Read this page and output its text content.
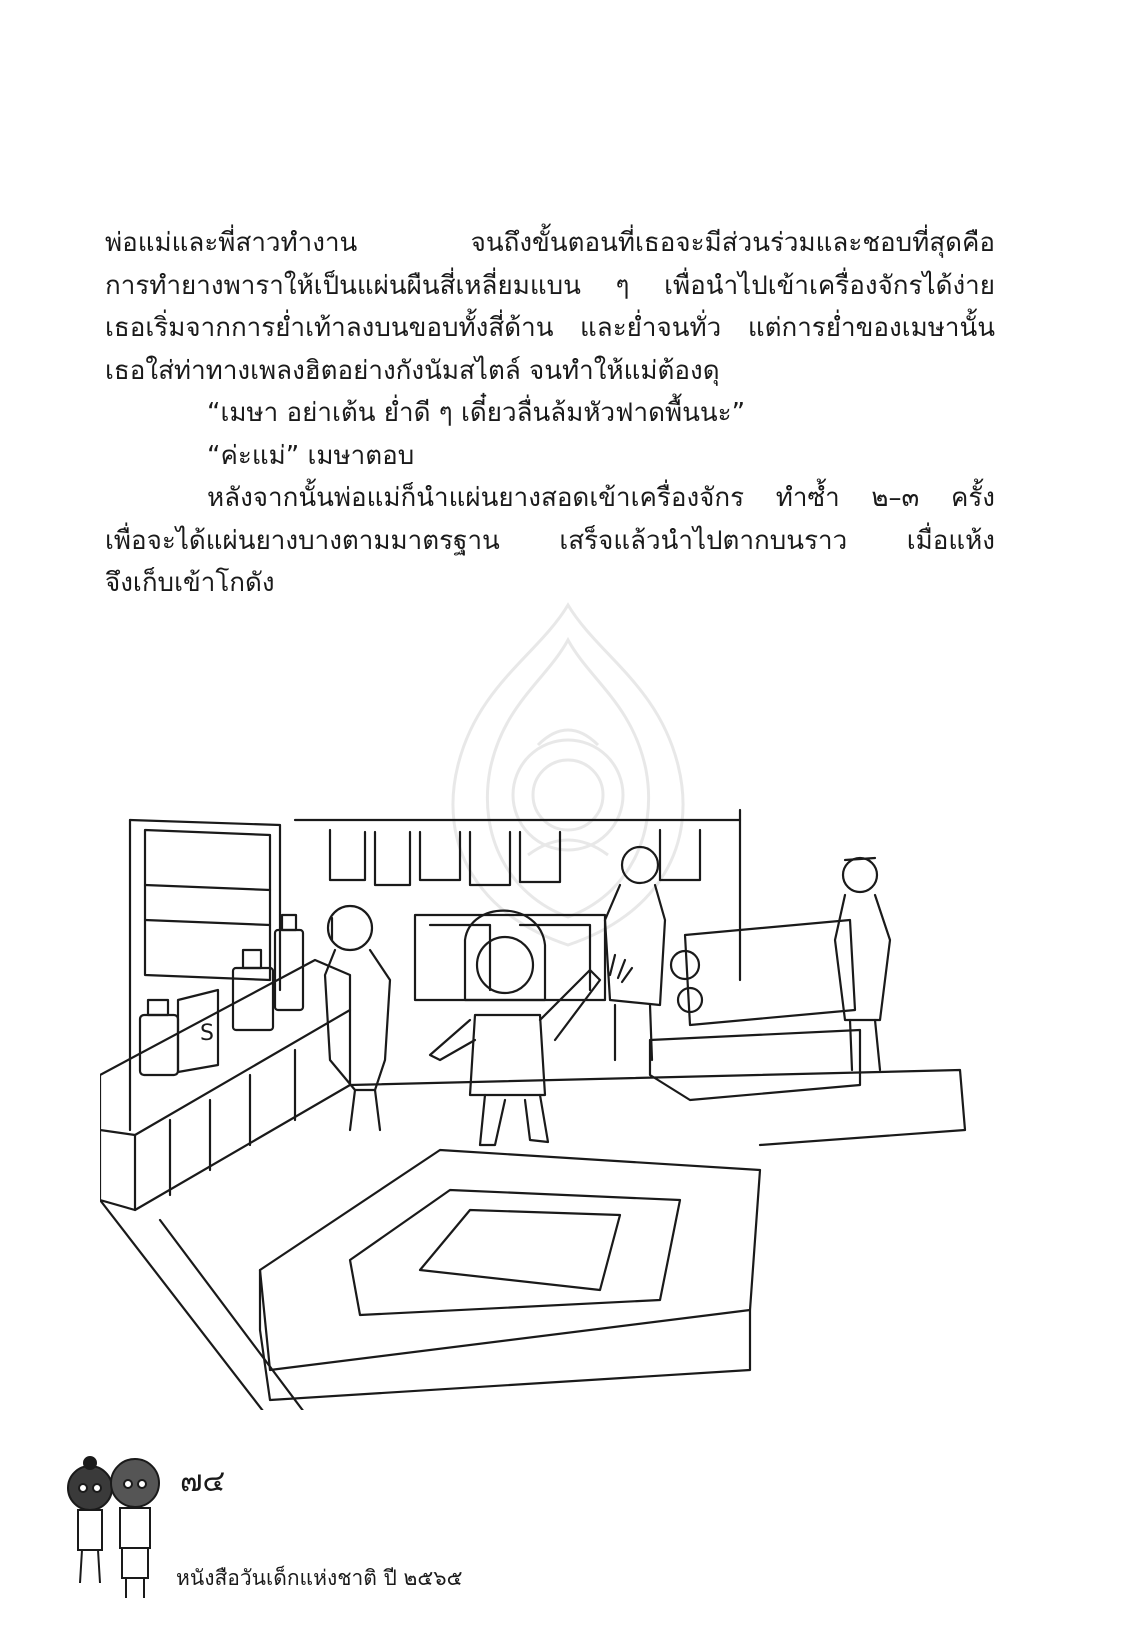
พ่อแม่และพี่สาวทำงาน จนถึงขั้นตอนที่เธอจะมีส่วนร่วมและชอบที่สุดคือ
การทำยางพาราให้เป็นแผ่นผืนสี่เหลี่ยมแบน ๆ เพื่อนำไปเข้าเครื่องจักรได้ง่าย
เธอเริ่มจากการย่ำเท้าลงบนขอบทั้งสี่ด้าน และย่ำจนทั่ว แต่การย่ำของเมษานั้น
เธอใส่ท่าทางเพลงฮิตอย่างกังนัมสไตล์ จนทำให้แม่ต้องดุ
“เมษา อย่าเต้น ย่ำดี ๆ เดี๋ยวลื่นล้มหัวฟาดพื้นนะ”
“ค่ะแม่” เมษาตอบ
หลังจากนั้นพ่อแม่ก็นำแผ่นยางสอดเข้าเครื่องจักร ทำซ้ำ ๒–๓ ครั้ง
เพื่อจะได้แผ่นยางบางตามมาตรฐาน เสร็จแล้วนำไปตากบนราว เมื่อแห้ง
จึงเก็บเข้าโกดัง
S
๗๔
หนังสือวันเด็กแห่งชาติ ปี ๒๕๖๕
